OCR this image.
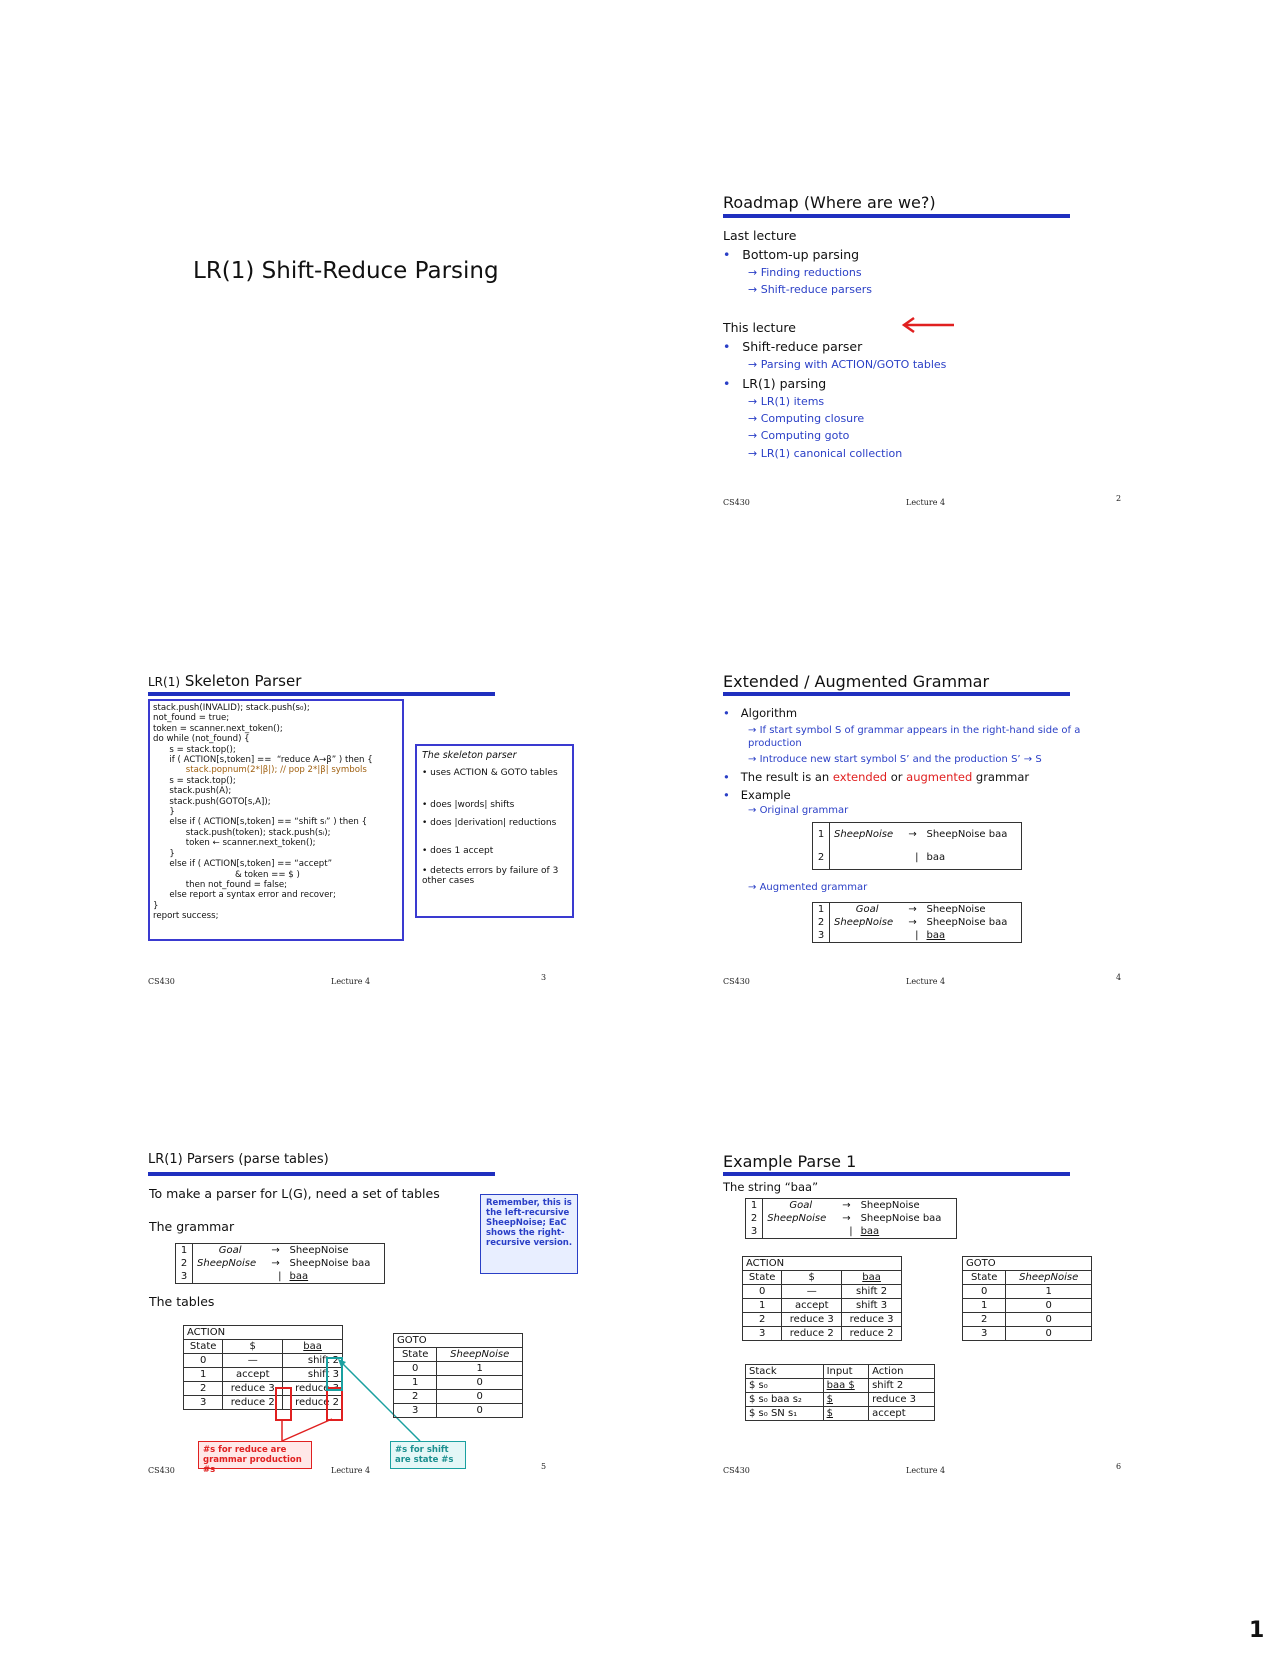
LR(1) Shift-Reduce Parsing
Roadmap (Where are we?)
Last lecture
• Bottom-up parsing
→ Finding reductions
→ Shift-reduce parsers
This lecture
• Shift-reduce parser
→ Parsing with ACTION/GOTO tables
• LR(1) parsing
→ LR(1) items
→ Computing closure
→ Computing goto
→ LR(1) canonical collection
CS430	Lecture 4	2
LR(1) Skeleton Parser
stack.push(INVALID); stack.push(s₀);
not_found = true;
token = scanner.next_token();
do while (not_found) {
s = stack.top();
if ( ACTION[s,token] ==  “reduce A→β” ) then {
stack.popnum(2*|β|); // pop 2*|β| symbols
s = stack.top();
stack.push(A);
stack.push(GOTO[s,A]);
}
else if ( ACTION[s,token] == “shift sᵢ” ) then {
stack.push(token); stack.push(sᵢ);
token ← scanner.next_token();
}
else if ( ACTION[s,token] == “accept”
& token == $ )
then not_found = false;
else report a syntax error and recover;
}
report success;
The skeleton parser
• uses ACTION & GOTO tables
• does |words| shifts
• does |derivation| reductions
• does 1 accept
• detects errors by failure of 3 other cases
CS430	Lecture 4	3
Extended / Augmented Grammar
• Algorithm
→ If start symbol S of grammar appears in the right-hand side of a production
→ Introduce new start symbol S’ and the production S’ → S
• The result is an extended or augmented grammar
• Example
→ Original grammar
1	SheepNoise	→	SheepNoise baa
2		|	baa
→ Augmented grammar
1	Goal	→	SheepNoise
2	SheepNoise	→	SheepNoise baa
3		|	baa
CS430	Lecture 4	4
LR(1) Parsers (parse tables)
To make a parser for L(G), need a set of tables
Remember, this is the left-recursive SheepNoise; EaC shows the right-recursive version.
The grammar
1	Goal	→	SheepNoise
2	SheepNoise	→	SheepNoise baa
3		|	baa
The tables
ACTION		
State	$	baa
0	—	shift 2
1	accept	shift 3
2	reduce 3	reduce 3
3	reduce 2	reduce 2
GOTO	
State	SheepNoise
0	1
1	0
2	0
3	0
#s for reduce are grammar production #s
#s for shift are state #s
CS430	Lecture 4	5
Example Parse 1
The string “baa”
1	Goal	→	SheepNoise
2	SheepNoise	→	SheepNoise baa
3		|	baa
ACTION		
State	$	baa
0	—	shift 2
1	accept	shift 3
2	reduce 3	reduce 3
3	reduce 2	reduce 2
GOTO	
State	SheepNoise
0	1
1	0
2	0
3	0
Stack	Input	Action
$ s₀	baa $	shift 2
$ s₀ baa s₂	$	reduce 3
$ s₀ SN s₁	$	accept
CS430	Lecture 4	6
1
